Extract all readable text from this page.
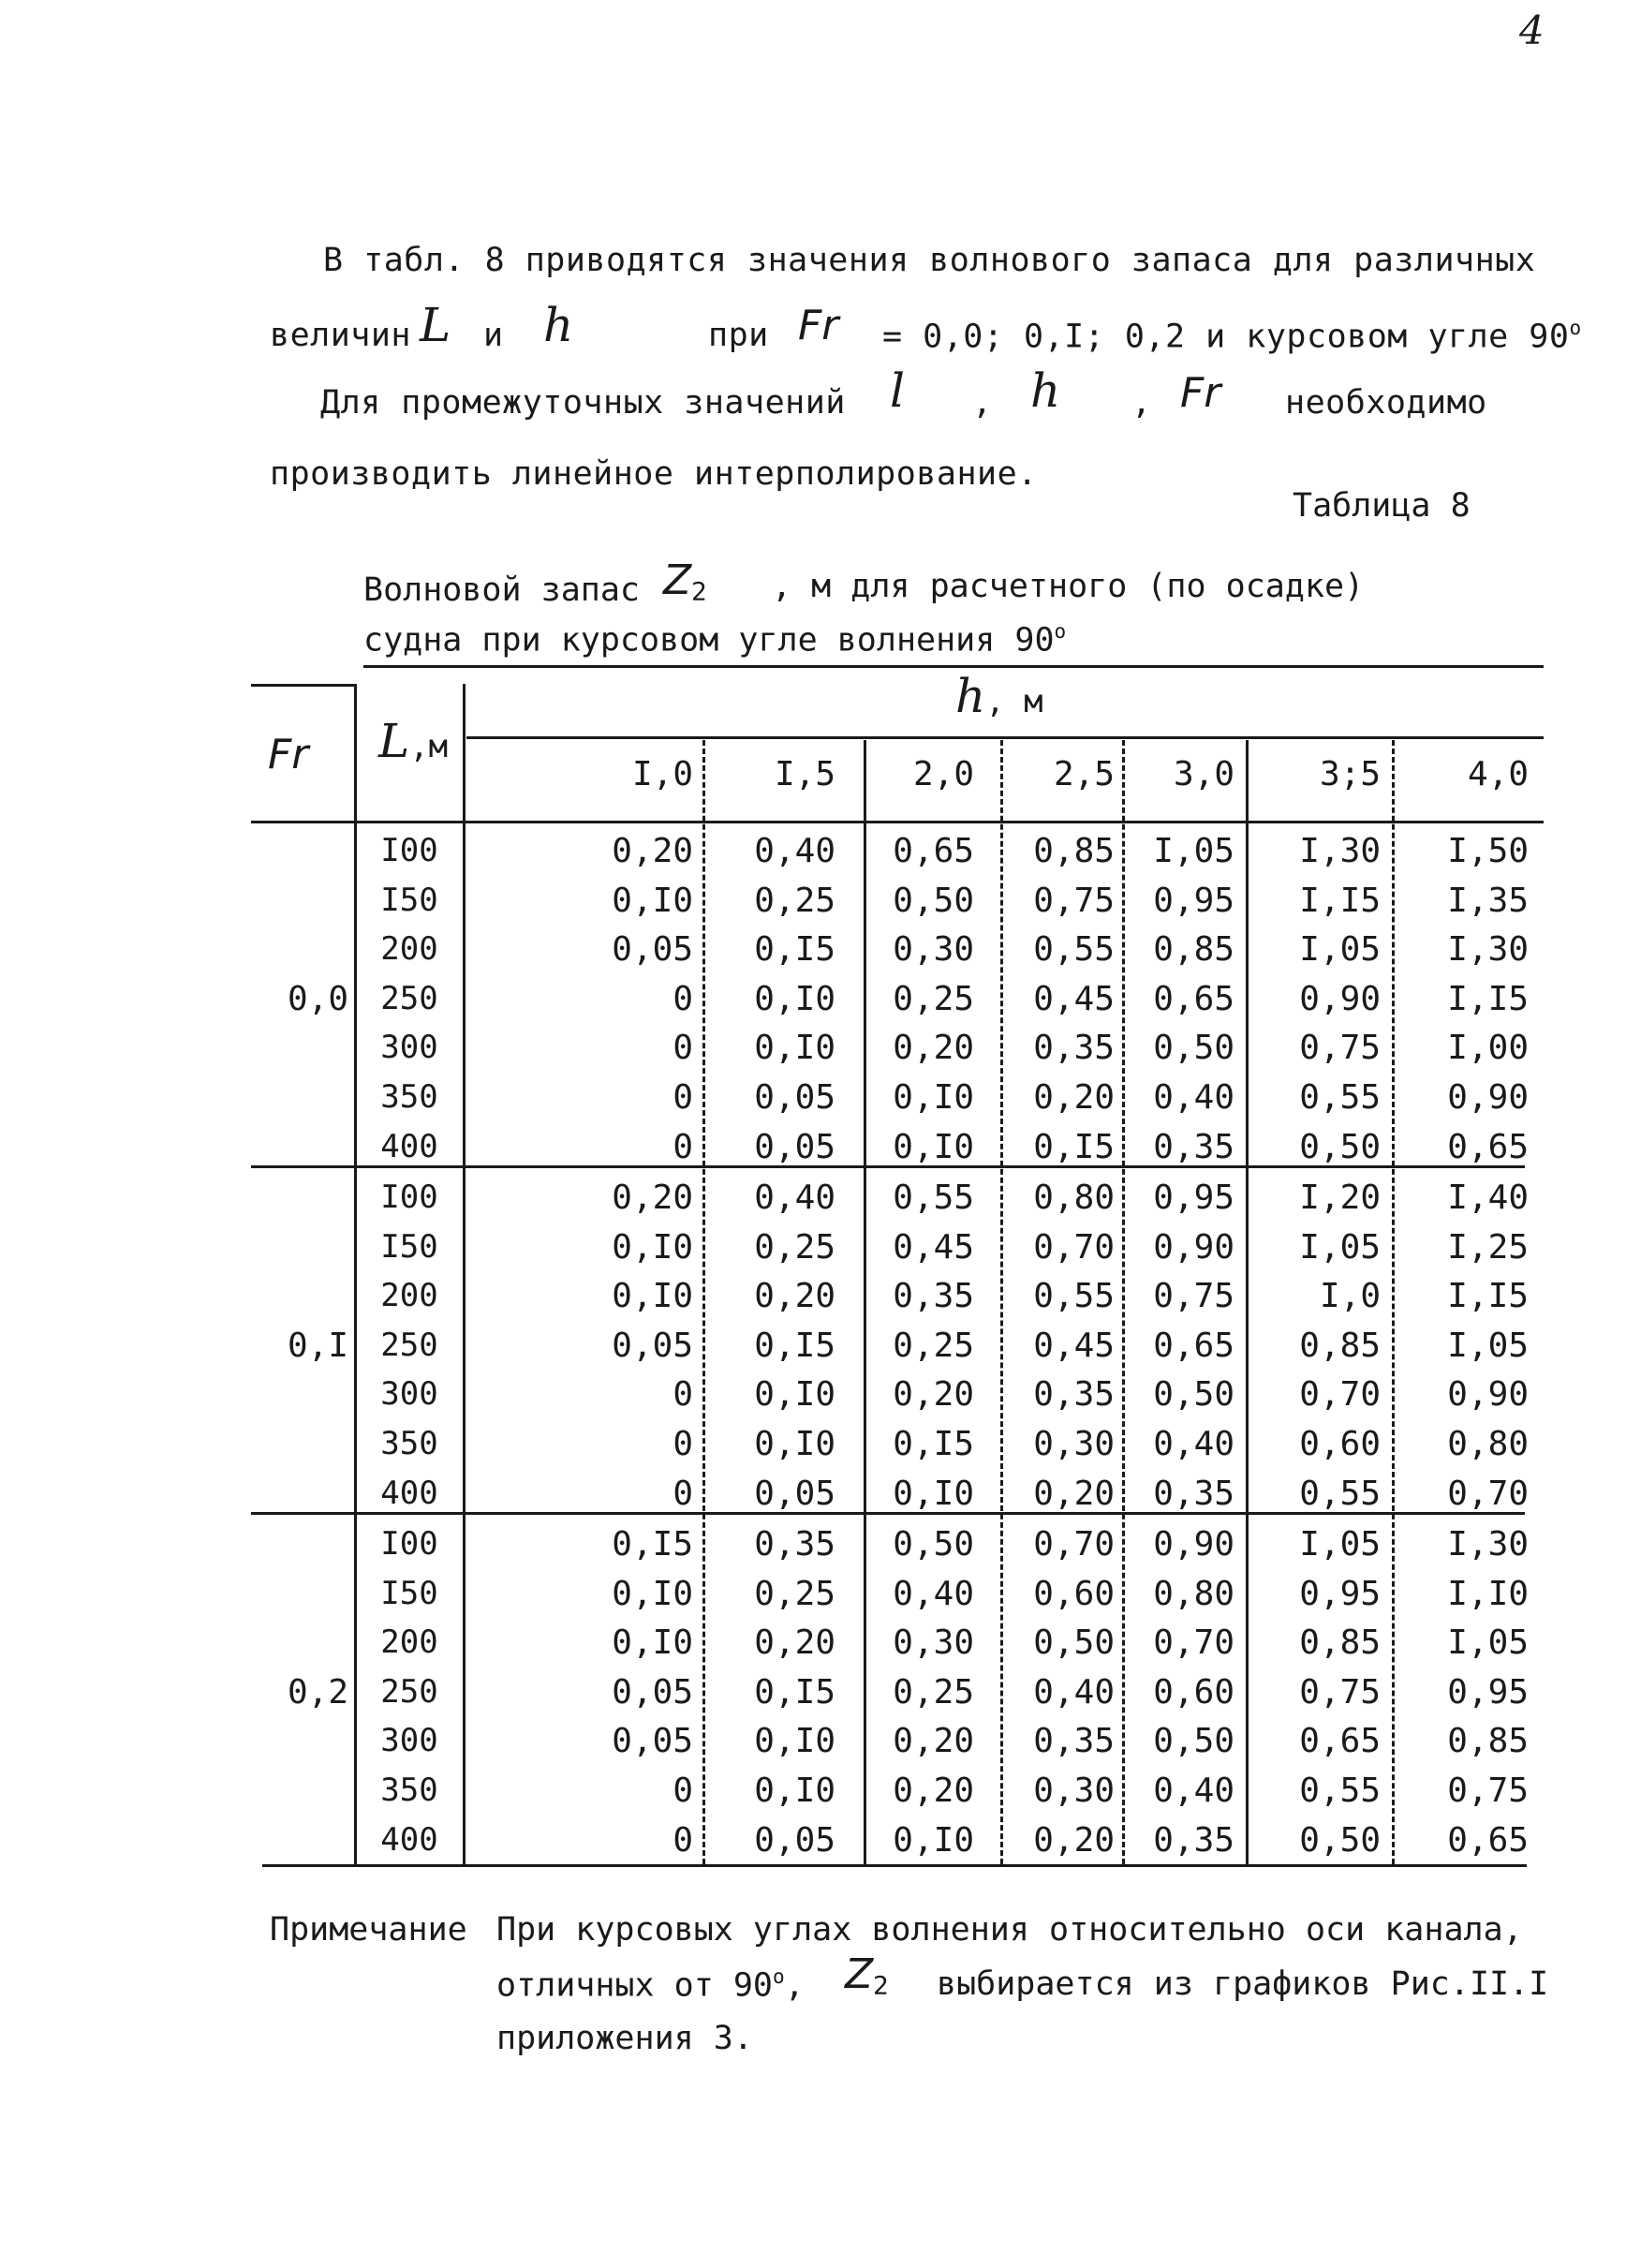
4
В табл. 8 приводятся значения волнового запаса для различных
величин L и h	при Fr = 0,0; 0,I; 0,2 и курсовом угле $90^о$
Для промежуточных значений l , h , Fr необходимо
производить линейное интерполирование.
Таблица 8
Волновой запас $Z_2$ , м для расчетного (по осадке)
судна при курсовом угле волнения $90^о$
Fr L,м
h, м
I,0	I,5	2,0	2,5	3,0	3;5	4,0
0,0
I00	0,20	0,40	0,65	0,85	I,05	I,30	I,50
I50	0,I0	0,25	0,50	0,75	0,95	I,I5	I,35
200	0,05	0,I5	0,30	0,55	0,85	I,05	I,30
250	0	0,I0	0,25	0,45	0,65	0,90	I,I5
300	0	0,I0	0,20	0,35	0,50	0,75	I,00
350	0	0,05	0,I0	0,20	0,40	0,55	0,90
400	0	0,05	0,I0	0,I5	0,35	0,50	0,65
0,I
I00	0,20	0,40	0,55	0,80	0,95	I,20	I,40
I50	0,I0	0,25	0,45	0,70	0,90	I,05	I,25
200	0,I0	0,20	0,35	0,55	0,75	I,0	I,I5
250	0,05	0,I5	0,25	0,45	0,65	0,85	I,05
300	0	0,I0	0,20	0,35	0,50	0,70	0,90
350	0	0,I0	0,I5	0,30	0,40	0,60	0,80
400	0	0,05	0,I0	0,20	0,35	0,55	0,70
0,2
I00	0,I5	0,35	0,50	0,70	0,90	I,05	I,30
I50	0,I0	0,25	0,40	0,60	0,80	0,95	I,I0
200	0,I0	0,20	0,30	0,50	0,70	0,85	I,05
250	0,05	0,I5	0,25	0,40	0,60	0,75	0,95
300	0,05	0,I0	0,20	0,35	0,50	0,65	0,85
350	0	0,I0	0,20	0,30	0,40	0,55	0,75
400	0	0,05	0,I0	0,20	0,35	0,50	0,65
Примечание При курсовых углах волнения относительно оси канала,
отличных от $90^о$, $Z_2$ выбирается из графиков Рис.II.I
приложения 3.
